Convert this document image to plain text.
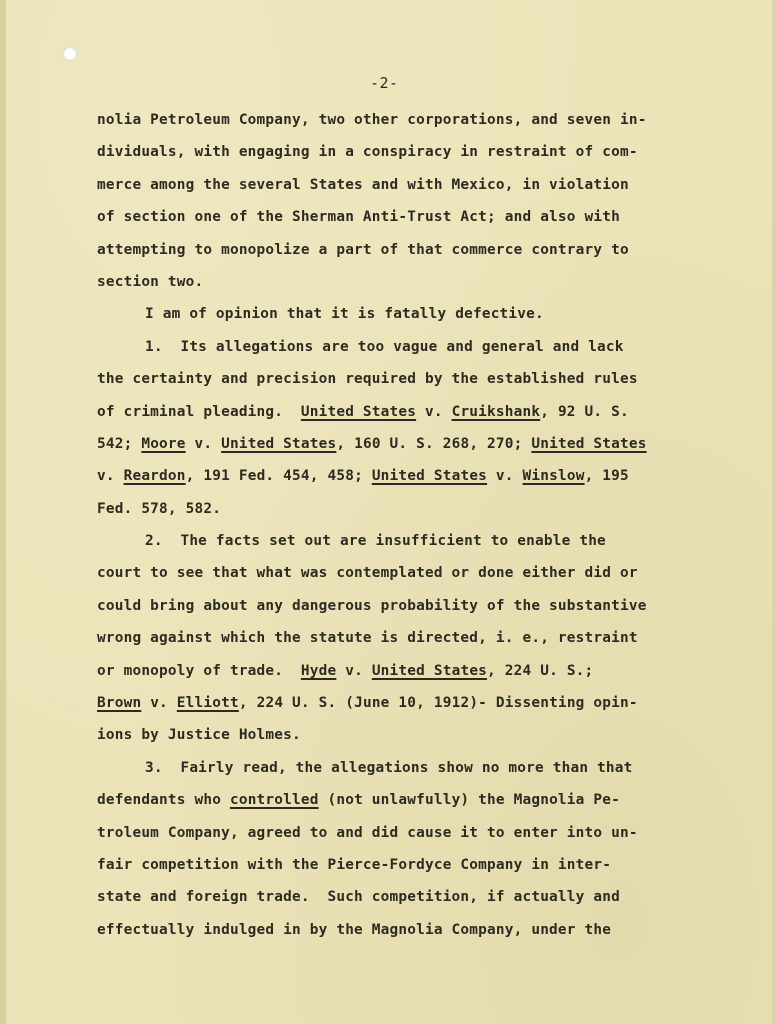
-2-
nolia Petroleum Company, two other corporations, and seven in-
dividuals, with engaging in a conspiracy in restraint of com-
merce among the several States and with Mexico, in violation
of section one of the Sherman Anti-Trust Act; and also with
attempting to monopolize a part of that commerce contrary to
section two.
I am of opinion that it is fatally defective.
1.  Its allegations are too vague and general and lack
the certainty and precision required by the established rules
of criminal pleading.  United States v. Cruikshank, 92 U. S.
542; Moore v. United States, 160 U. S. 268, 270; United States
v. Reardon, 191 Fed. 454, 458; United States v. Winslow, 195
Fed. 578, 582.
2.  The facts set out are insufficient to enable the
court to see that what was contemplated or done either did or
could bring about any dangerous probability of the substantive
wrong against which the statute is directed, i. e., restraint
or monopoly of trade.  Hyde v. United States, 224 U. S.;
Brown v. Elliott, 224 U. S. (June 10, 1912)- Dissenting opin-
ions by Justice Holmes.
3.  Fairly read, the allegations show no more than that
defendants who controlled (not unlawfully) the Magnolia Pe-
troleum Company, agreed to and did cause it to enter into un-
fair competition with the Pierce-Fordyce Company in inter-
state and foreign trade.  Such competition, if actually and
effectually indulged in by the Magnolia Company, under the
